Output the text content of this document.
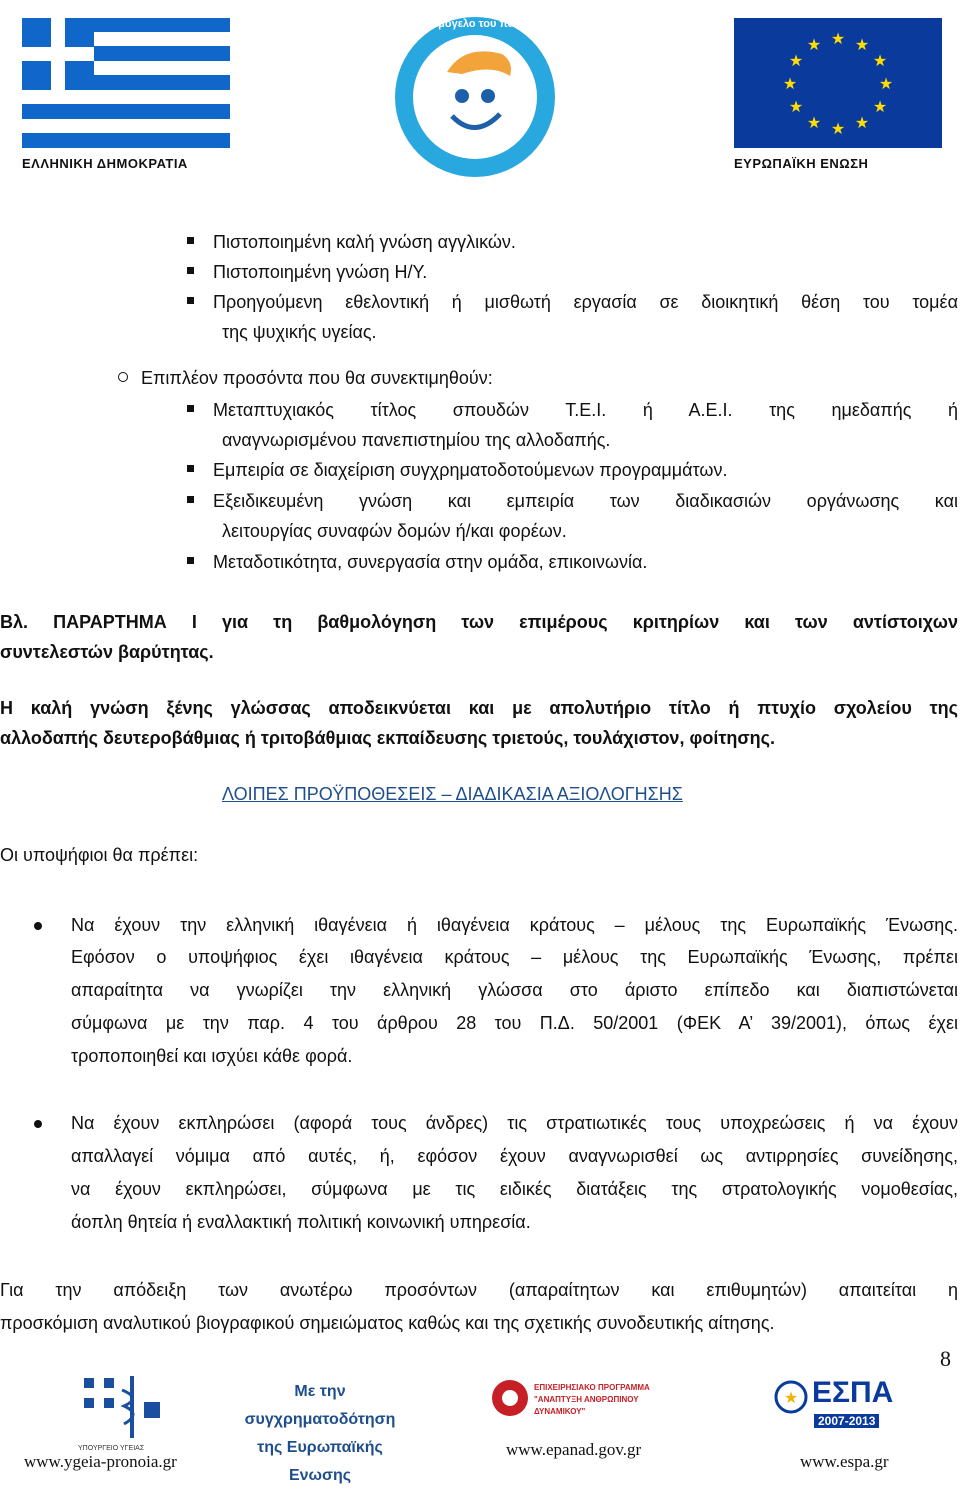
ΕΛΛΗΝΙΚΗ ΔΗΜΟΚΡΑΤΙΑ
Το χαμόγελο του παιδιού
★ ★
★
★
★
★
★
★
★
★
★
★
ΕΥΡΩΠΑΪΚΗ ΕΝΩΣΗ
Πιστοποιημένη καλή γνώση αγγλικών.
Πιστοποιημένη γνώση Η/Υ.
Προηγούμενη εθελοντική ή μισθωτή εργασία σε διοικητική θέση του τομέα
της ψυχικής υγείας.
Επιπλέον προσόντα που θα συνεκτιμηθούν:
Μεταπτυχιακός τίτλος σπουδών Τ.Ε.Ι. ή Α.Ε.Ι. της ημεδαπής ή
αναγνωρισμένου πανεπιστημίου της αλλοδαπής.
Εμπειρία σε διαχείριση συγχρηματοδοτούμενων προγραμμάτων.
Εξειδικευμένη γνώση και εμπειρία των διαδικασιών οργάνωσης και
λειτουργίας συναφών δομών ή/και φορέων.
Μεταδοτικότητα, συνεργασία στην ομάδα, επικοινωνία.
Βλ. ΠΑΡΑΡΤΗΜΑ Ι για τη βαθμολόγηση των επιμέρους κριτηρίων και των αντίστοιχων
συντελεστών βαρύτητας.
Η καλή γνώση ξένης γλώσσας αποδεικνύεται και με απολυτήριο τίτλο ή πτυχίο σχολείου της
αλλοδαπής δευτεροβάθμιας ή τριτοβάθμιας εκπαίδευσης τριετούς, τουλάχιστον, φοίτησης.
ΛΟΙΠΕΣ ΠΡΟΫΠΟΘΕΣΕΙΣ – ΔΙΑΔΙΚΑΣΙΑ ΑΞΙΟΛΟΓΗΣΗΣ
Οι υποψήφιοι θα πρέπει:
Να έχουν την ελληνική ιθαγένεια ή ιθαγένεια κράτους – μέλους της Ευρωπαϊκής Ένωσης.
Εφόσον ο υποψήφιος έχει ιθαγένεια κράτους – μέλους της Ευρωπαϊκής Ένωσης, πρέπει
απαραίτητα να γνωρίζει την ελληνική γλώσσα στο άριστο επίπεδο και διαπιστώνεται
σύμφωνα με την παρ. 4 του άρθρου 28 του Π.Δ. 50/2001 (ΦΕΚ Α’ 39/2001), όπως έχει
τροποποιηθεί και ισχύει κάθε φορά.
Να έχουν εκπληρώσει (αφορά τους άνδρες) τις στρατιωτικές τους υποχρεώσεις ή να έχουν
απαλλαγεί νόμιμα από αυτές, ή, εφόσον έχουν αναγνωρισθεί ως αντιρρησίες συνείδησης,
να έχουν εκπληρώσει, σύμφωνα με τις ειδικές διατάξεις της στρατολογικής νομοθεσίας,
άοπλη θητεία ή εναλλακτική πολιτική κοινωνική υπηρεσία.
Για την απόδειξη των ανωτέρω προσόντων (απαραίτητων και επιθυμητών) απαιτείται η
προσκόμιση αναλυτικού βιογραφικού σημειώματος καθώς και της σχετικής συνοδευτικής αίτησης.
8
ΥΠΟΥΡΓΕΙΟ ΥΓΕΙΑΣ
www.ygeia-pronoia.gr
Με την
συγχρηματοδότηση
της Ευρωπαϊκής
Ενωσης
ΕΠΙΧΕΙΡΗΣΙΑΚΟ ΠΡΟΓΡΑΜΜΑ
"ΑΝΑΠΤΥΞΗ ΑΝΘΡΩΠΙΝΟΥ ΔΥΝΑΜΙΚΟΥ"
www.epanad.gov.gr
★ ΕΣΠΑ
2007-2013
www.espa.gr
